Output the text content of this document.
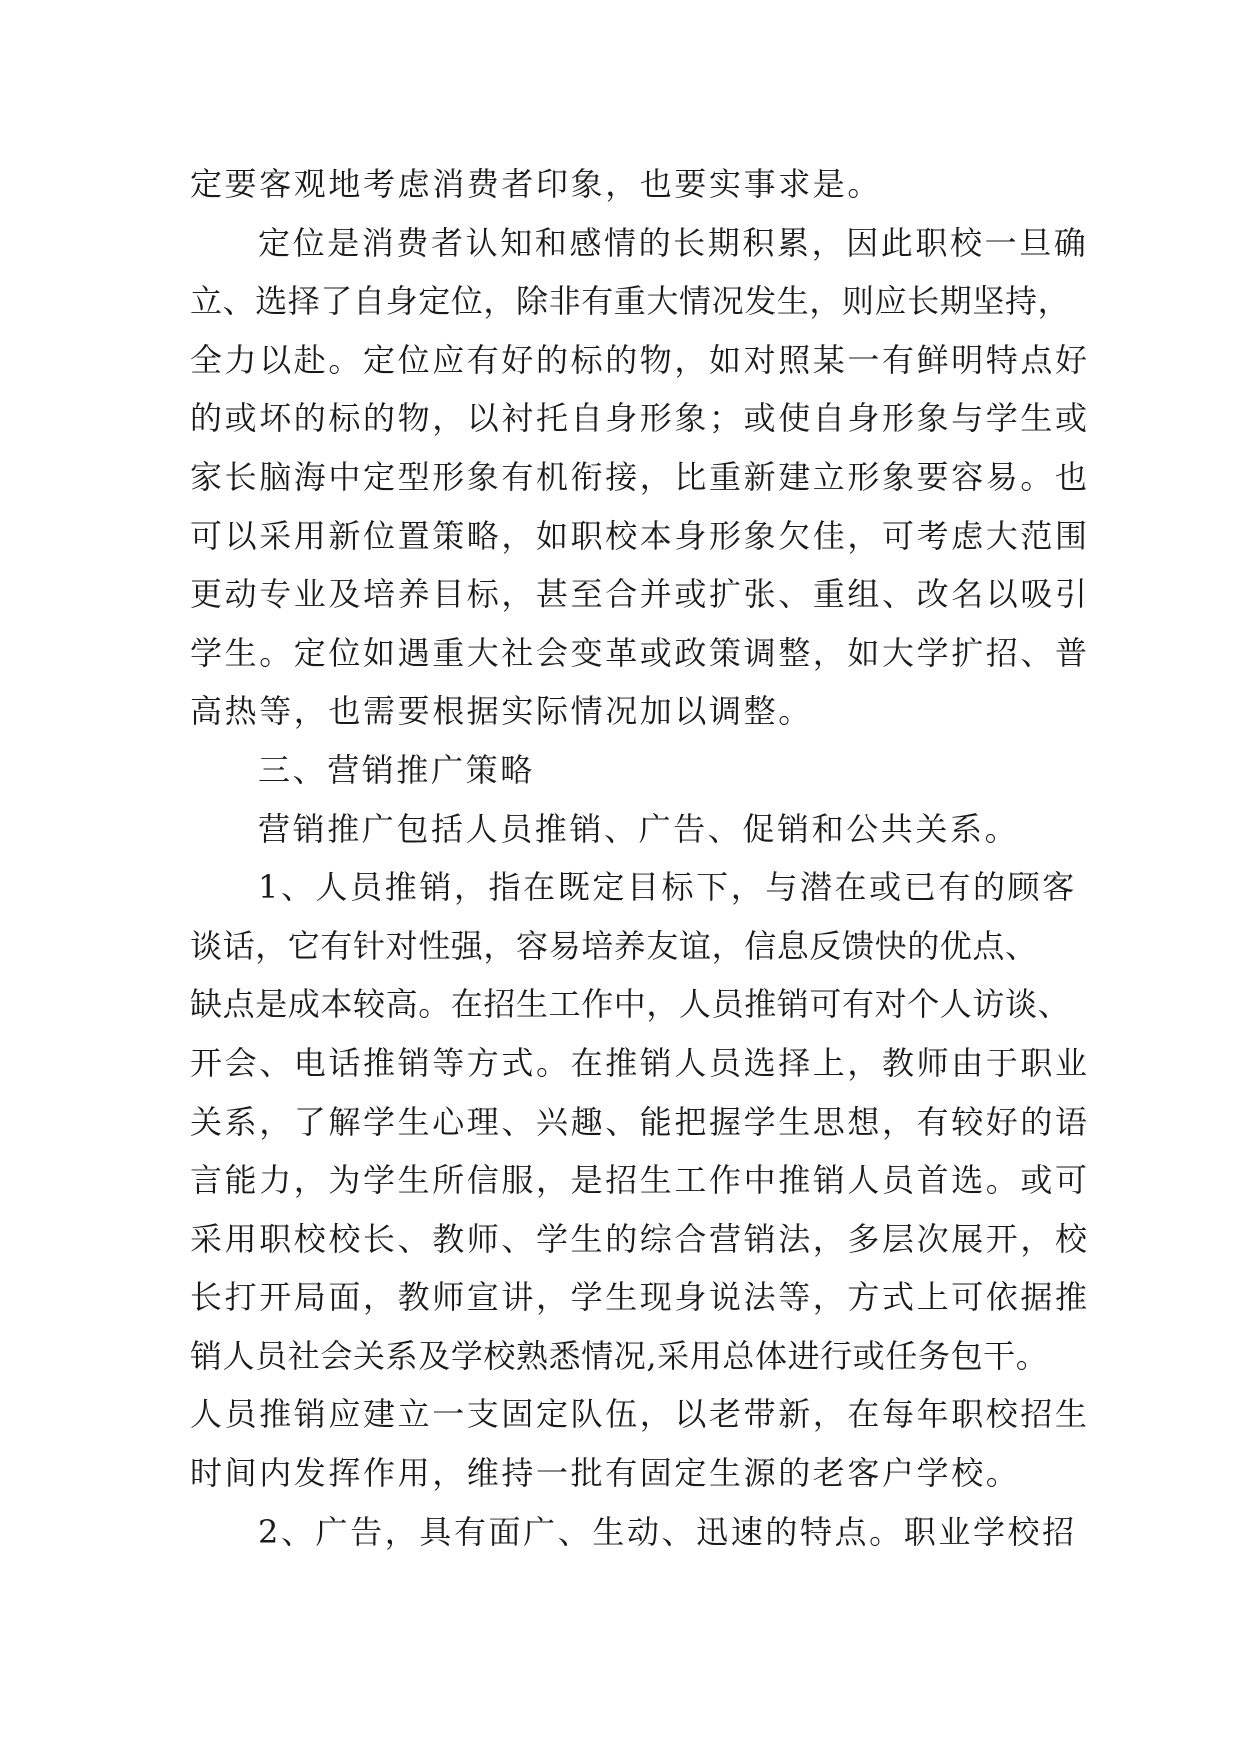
定要客观地考虑消费者印象，也要实事求是。
定位是消费者认知和感情的长期积累，因此职校一旦确
立、选择了自身定位，除非有重大情况发生，则应长期坚持，
全力以赴。定位应有好的标的物，如对照某一有鲜明特点好
的或坏的标的物，以衬托自身形象；或使自身形象与学生或
家长脑海中定型形象有机衔接，比重新建立形象要容易。也
可以采用新位置策略，如职校本身形象欠佳，可考虑大范围
更动专业及培养目标，甚至合并或扩张、重组、改名以吸引
学生。定位如遇重大社会变革或政策调整，如大学扩招、普
高热等，也需要根据实际情况加以调整。
三、营销推广策略
营销推广包括人员推销、广告、促销和公共关系。
1、人员推销，指在既定目标下，与潜在或已有的顾客
谈话，它有针对性强，容易培养友谊，信息反馈快的优点、
缺点是成本较高。在招生工作中，人员推销可有对个人访谈、
开会、电话推销等方式。在推销人员选择上，教师由于职业
关系，了解学生心理、兴趣、能把握学生思想，有较好的语
言能力，为学生所信服，是招生工作中推销人员首选。或可
采用职校校长、教师、学生的综合营销法，多层次展开，校
长打开局面，教师宣讲，学生现身说法等，方式上可依据推
销人员社会关系及学校熟悉情况,采用总体进行或任务包干。
人员推销应建立一支固定队伍，以老带新，在每年职校招生
时间内发挥作用，维持一批有固定生源的老客户学校。
2、广告，具有面广、生动、迅速的特点。职业学校招
